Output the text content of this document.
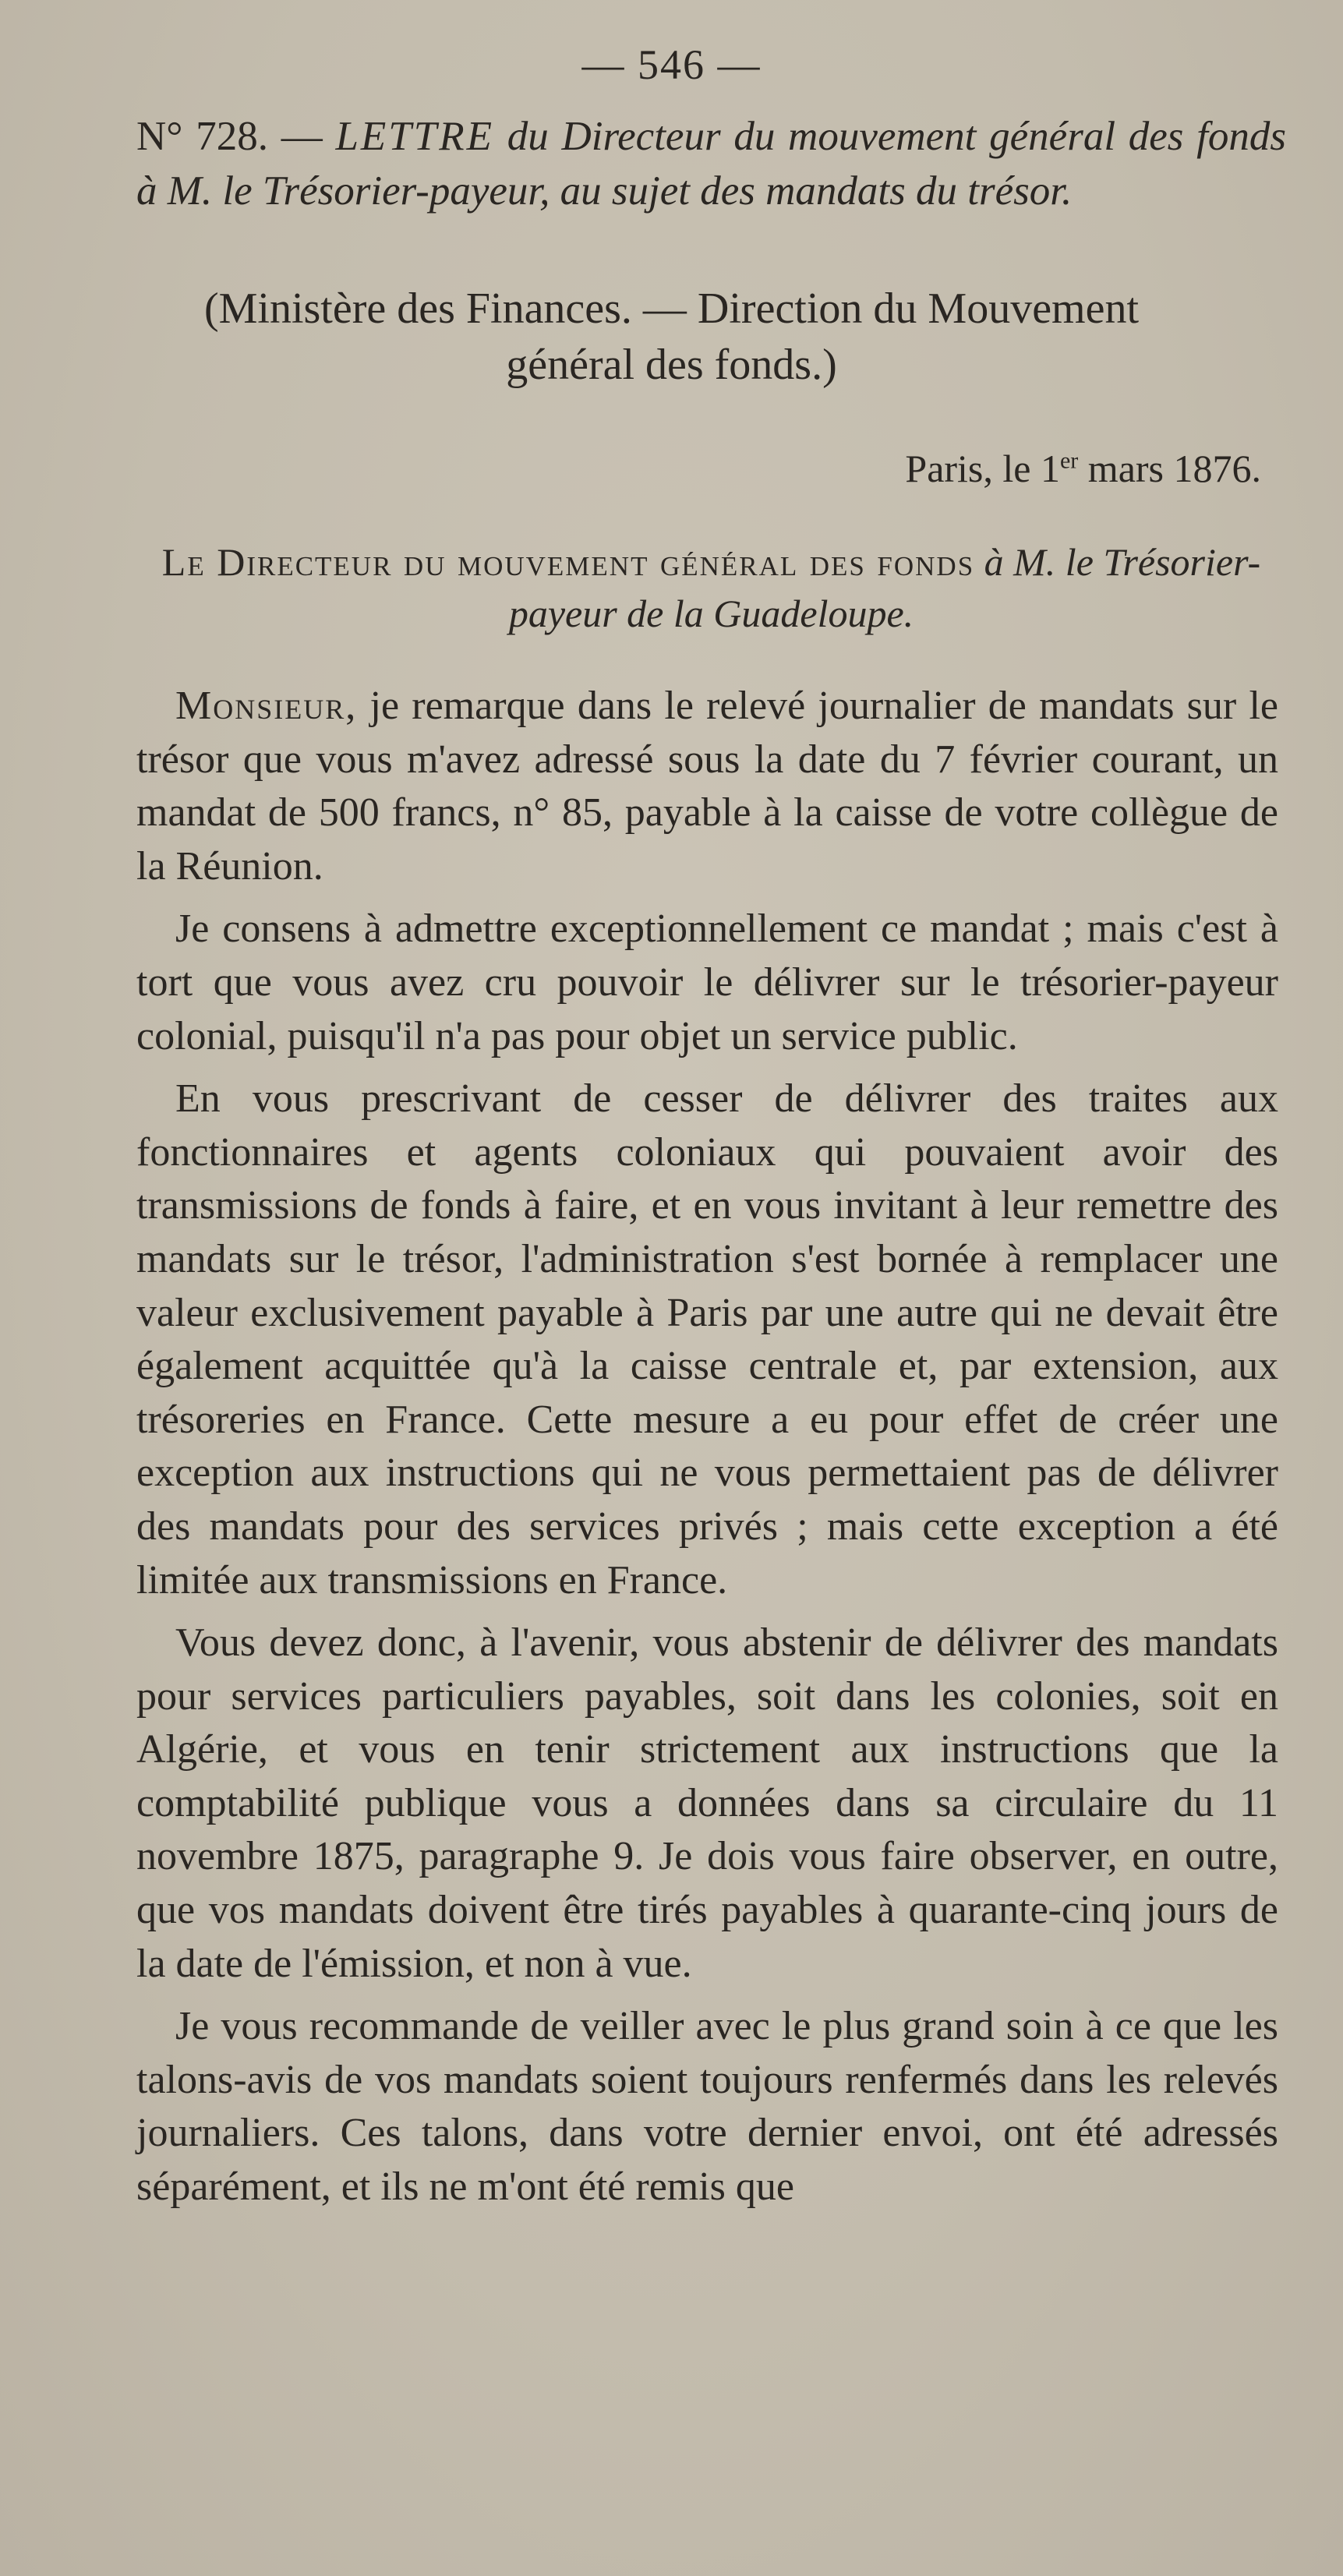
— 546 —
N° 728. — LETTRE du Directeur du mouvement général des fonds à M. le Trésorier-payeur, au sujet des mandats du trésor.
(Ministère des Finances. — Direction du Mouvement
général des fonds.)
Paris, le 1er mars 1876.
Le Directeur du mouvement général des fonds à M. le Trésorier-payeur de la Guadeloupe.

Monsieur, je remarque dans le relevé journalier de mandats sur le trésor que vous m'avez adressé sous la date du 7 février courant, un mandat de 500 francs, n° 85, payable à la caisse de votre collègue de la Réunion.

Je consens à admettre exceptionnellement ce mandat ; mais c'est à tort que vous avez cru pouvoir le délivrer sur le trésorier-payeur colonial, puisqu'il n'a pas pour objet un service public.

En vous prescrivant de cesser de délivrer des traites aux fonctionnaires et agents coloniaux qui pouvaient avoir des transmissions de fonds à faire, et en vous invitant à leur remettre des mandats sur le trésor, l'administration s'est bornée à remplacer une valeur exclusivement payable à Paris par une autre qui ne devait être également acquittée qu'à la caisse centrale et, par extension, aux trésoreries en France. Cette mesure a eu pour effet de créer une exception aux instructions qui ne vous permettaient pas de délivrer des mandats pour des services privés ; mais cette exception a été limitée aux transmissions en France.

Vous devez donc, à l'avenir, vous abstenir de délivrer des mandats pour services particuliers payables, soit dans les colonies, soit en Algérie, et vous en tenir strictement aux instructions que la comptabilité publique vous a données dans sa circulaire du 11 novembre 1875, paragraphe 9. Je dois vous faire observer, en outre, que vos mandats doivent être tirés payables à quarante-cinq jours de la date de l'émission, et non à vue.

Je vous recommande de veiller avec le plus grand soin à ce que les talons-avis de vos mandats soient toujours renfermés dans les relevés journaliers. Ces talons, dans votre dernier envoi, ont été adressés séparément, et ils ne m'ont été remis que
